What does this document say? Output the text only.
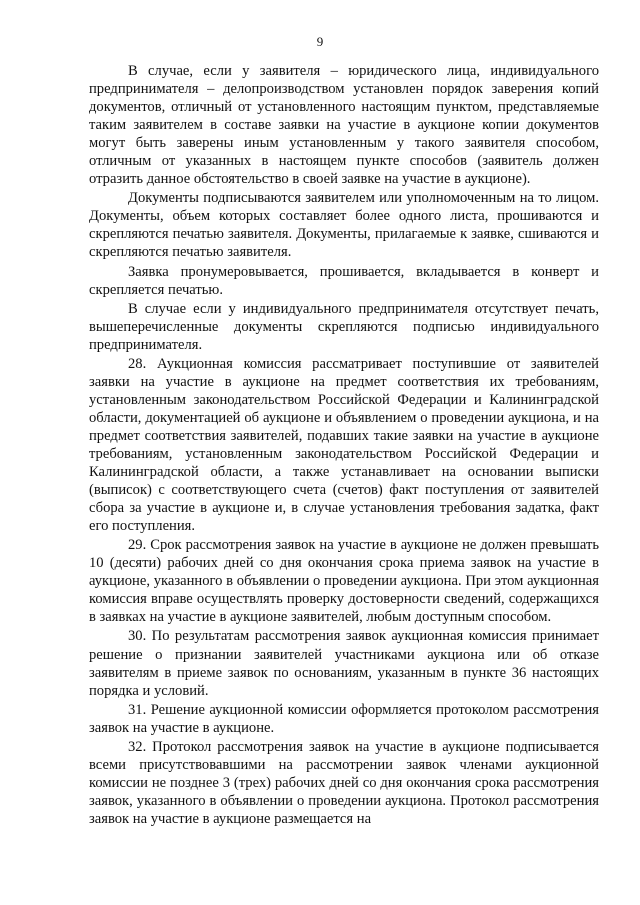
9

В случае, если у заявителя – юридического лица, индивидуального предпринимателя – делопроизводством установлен порядок заверения копий документов, отличный от установленного настоящим пунктом, представляемые таким заявителем в составе заявки на участие в аукционе копии документов могут быть заверены иным установленным у такого заявителя способом, отличным от указанных в настоящем пункте способов (заявитель должен отразить данное обстоятельство в своей заявке на участие в аукционе).

Документы подписываются заявителем или уполномоченным на то лицом. Документы, объем которых составляет более одного листа, прошиваются и скрепляются печатью заявителя. Документы, прилагаемые к заявке, сшиваются и скрепляются печатью заявителя.

Заявка пронумеровывается, прошивается, вкладывается в конверт и скрепляется печатью.

В случае если у индивидуального предпринимателя отсутствует печать, вышеперечисленные документы скрепляются подписью индивидуального предпринимателя.

28. Аукционная комиссия рассматривает поступившие от заявителей заявки на участие в аукционе на предмет соответствия их требованиям, установленным законодательством Российской Федерации и Калининградской области, документацией об аукционе и объявлением о проведении аукциона, и на предмет соответствия заявителей, подавших такие заявки на участие в аукционе требованиям, установленным законодательством Российской Федерации и Калининградской области, а также устанавливает на основании выписки (выписок) с соответствующего счета (счетов) факт поступления от заявителей сбора за участие в аукционе и, в случае установления требования задатка, факт его поступления.

29. Срок рассмотрения заявок на участие в аукционе не должен превышать 10 (десяти) рабочих дней со дня окончания срока приема заявок на участие в аукционе, указанного в объявлении о проведении аукциона. При этом аукционная комиссия вправе осуществлять проверку достоверности сведений, содержащихся в заявках на участие в аукционе заявителей, любым доступным способом.

30. По результатам рассмотрения заявок аукционная комиссия принимает решение о признании заявителей участниками аукциона или об отказе заявителям в приеме заявок по основаниям, указанным в пункте 36 настоящих порядка и условий.

31. Решение аукционной комиссии оформляется протоколом рассмотрения заявок на участие в аукционе.

32. Протокол рассмотрения заявок на участие в аукционе подписывается всеми присутствовавшими на рассмотрении заявок членами аукционной комиссии не позднее 3 (трех) рабочих дней со дня окончания срока рассмотрения заявок, указанного в объявлении о проведении аукциона. Протокол рассмотрения заявок на участие в аукционе размещается на
